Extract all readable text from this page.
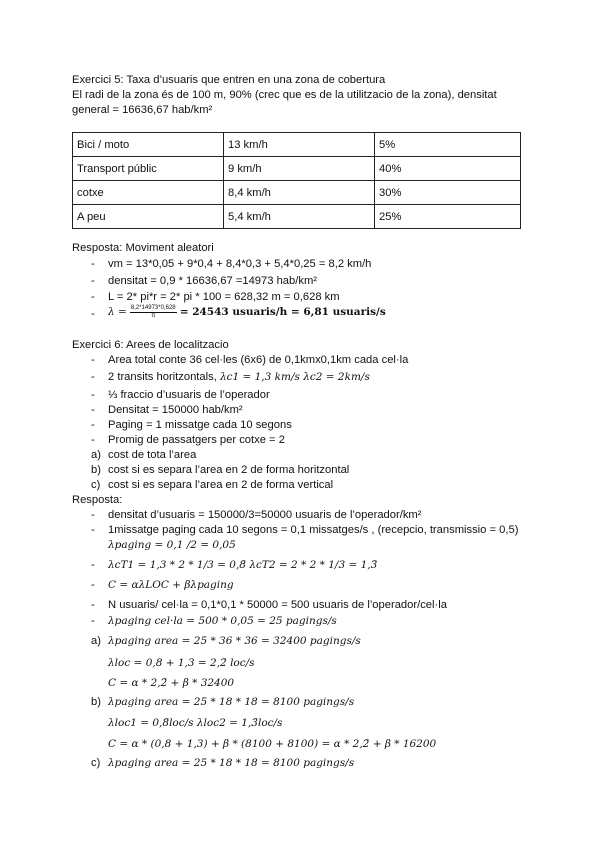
Exercici 5: Taxa d’usuaris que entren en una zona de cobertura
El radi de la zona és de 100 m, 90% (crec que es de la utilitzacio de la zona), densitat
general = 16636,67 hab/km²
Bici / moto	13 km/h	5%
Transport públic	9 km/h	40%
cotxe	8,4 km/h	30%
A peu	5,4 km/h	25%
Resposta: Moviment aleatori
- vm = 13*0,05 + 9*0,4 + 8,4*0,3 + 5,4*0,25 = 8,2 km/h
- densitat = 0,9 * 16636,67 =14973 hab/km²
- L = 2* pi*r = 2* pi * 100 = 628,32 m = 0,628 km
- $\lambda = \frac{8,2*14973*0,628}{\pi} = 24543$ usuaris/h = 6,81 usuaris/s
Exercici 6: Arees de localitzacio
- Area total conte 36 cel·les (6x6) de 0,1kmx0,1km cada cel·la
- 2 transits horitzontals, λc1 = 1,3 km/s λc2 = 2km/s
- ⅓ fraccio d’usuaris de l’operador
- Densitat = 150000 hab/km²
- Paging = 1 missatge cada 10 segons
- Promig de passatgers per cotxe = 2
a) cost de tota l’area
b) cost si es separa l’area en 2 de forma horitzontal
c) cost si es separa l’area en 2 de forma vertical
Resposta:
- densitat d’usuaris = 150000/3=50000 usuaris de l’operador/km²
- 1missatge paging cada 10 segons = 0,1 missatges/s , (recepcio, transmissio = 0,5)
λpaging = 0,1 /2 = 0,05
- λcT1 = 1,3 * 2 * 1/3 = 0,8̄ λcT2 = 2 * 2 * 1/3 = 1,3̄
- C = αλLOC + βλpaging
- N usuaris/ cel·la = 0,1*0,1 * 50000 = 500 usuaris de l’operador/cel·la
- λpaging cel·la = 500 * 0,05 = 25 pagings/s
a) λpaging area = 25 * 36 * 36 = 32400 pagings/s
λloc = 0,8 + 1,3 = 2,2̄ loc/s
C = α * 2,2̄ + β * 32400
b) λpaging area = 25 * 18 * 18 = 8100 pagings/s
λloc1 = 0,8̄loc/s λloc2 = 1,3̄loc/s
C = α * (0,8 + 1,3) + β * (8100 + 8100) = α * 2,2̄ + β * 16200
c) λpaging area = 25 * 18 * 18 = 8100 pagings/s
